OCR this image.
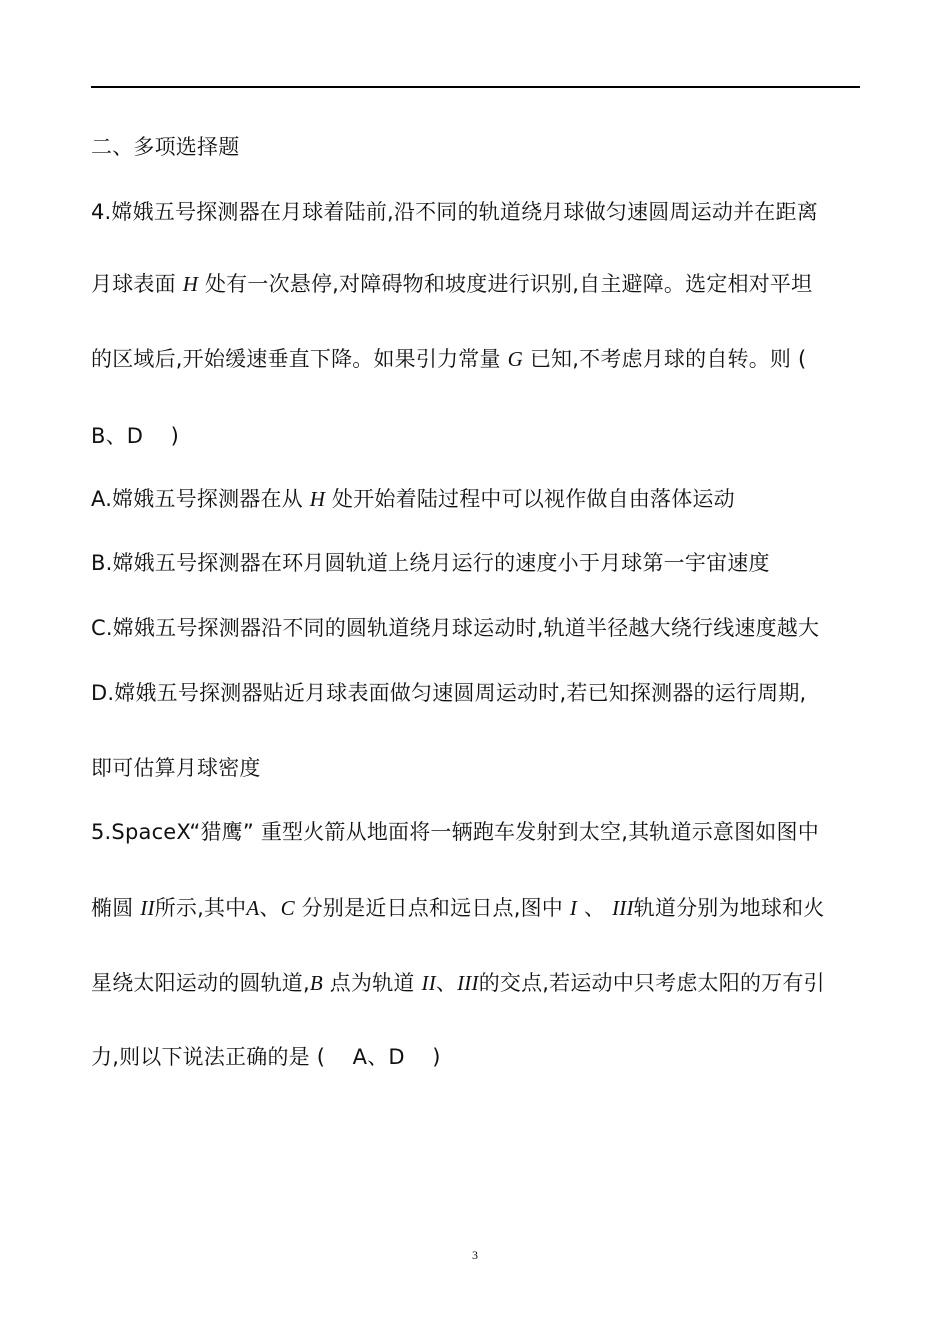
二、多项选择题
4.嫦娥五号探测器在月球着陆前,沿不同的轨道绕月球做匀速圆周运动并在距离
月球表面 H 处有一次悬停,对障碍物和坡度进行识别,自主避障。选定相对平坦
的区域后,开始缓速垂直下降。如果引力常量 G 已知,不考虑月球的自转。则 (
B、D    )
A.嫦娥五号探测器在从 H 处开始着陆过程中可以视作做自由落体运动
B.嫦娥五号探测器在环月圆轨道上绕月运行的速度小于月球第一宇宙速度
C.嫦娥五号探测器沿不同的圆轨道绕月球运动时,轨道半径越大绕行线速度越大
D.嫦娥五号探测器贴近月球表面做匀速圆周运动时,若已知探测器的运行周期,
即可估算月球密度
5.SpaceX“猎鹰” 重型火箭从地面将一辆跑车发射到太空,其轨道示意图如图中
椭圆 II所示,其中A、C 分别是近日点和远日点,图中 I 、 III轨道分别为地球和火
星绕太阳运动的圆轨道,B 点为轨道 II、III的交点,若运动中只考虑太阳的万有引
力,则以下说法正确的是 (    A、D    )
3
